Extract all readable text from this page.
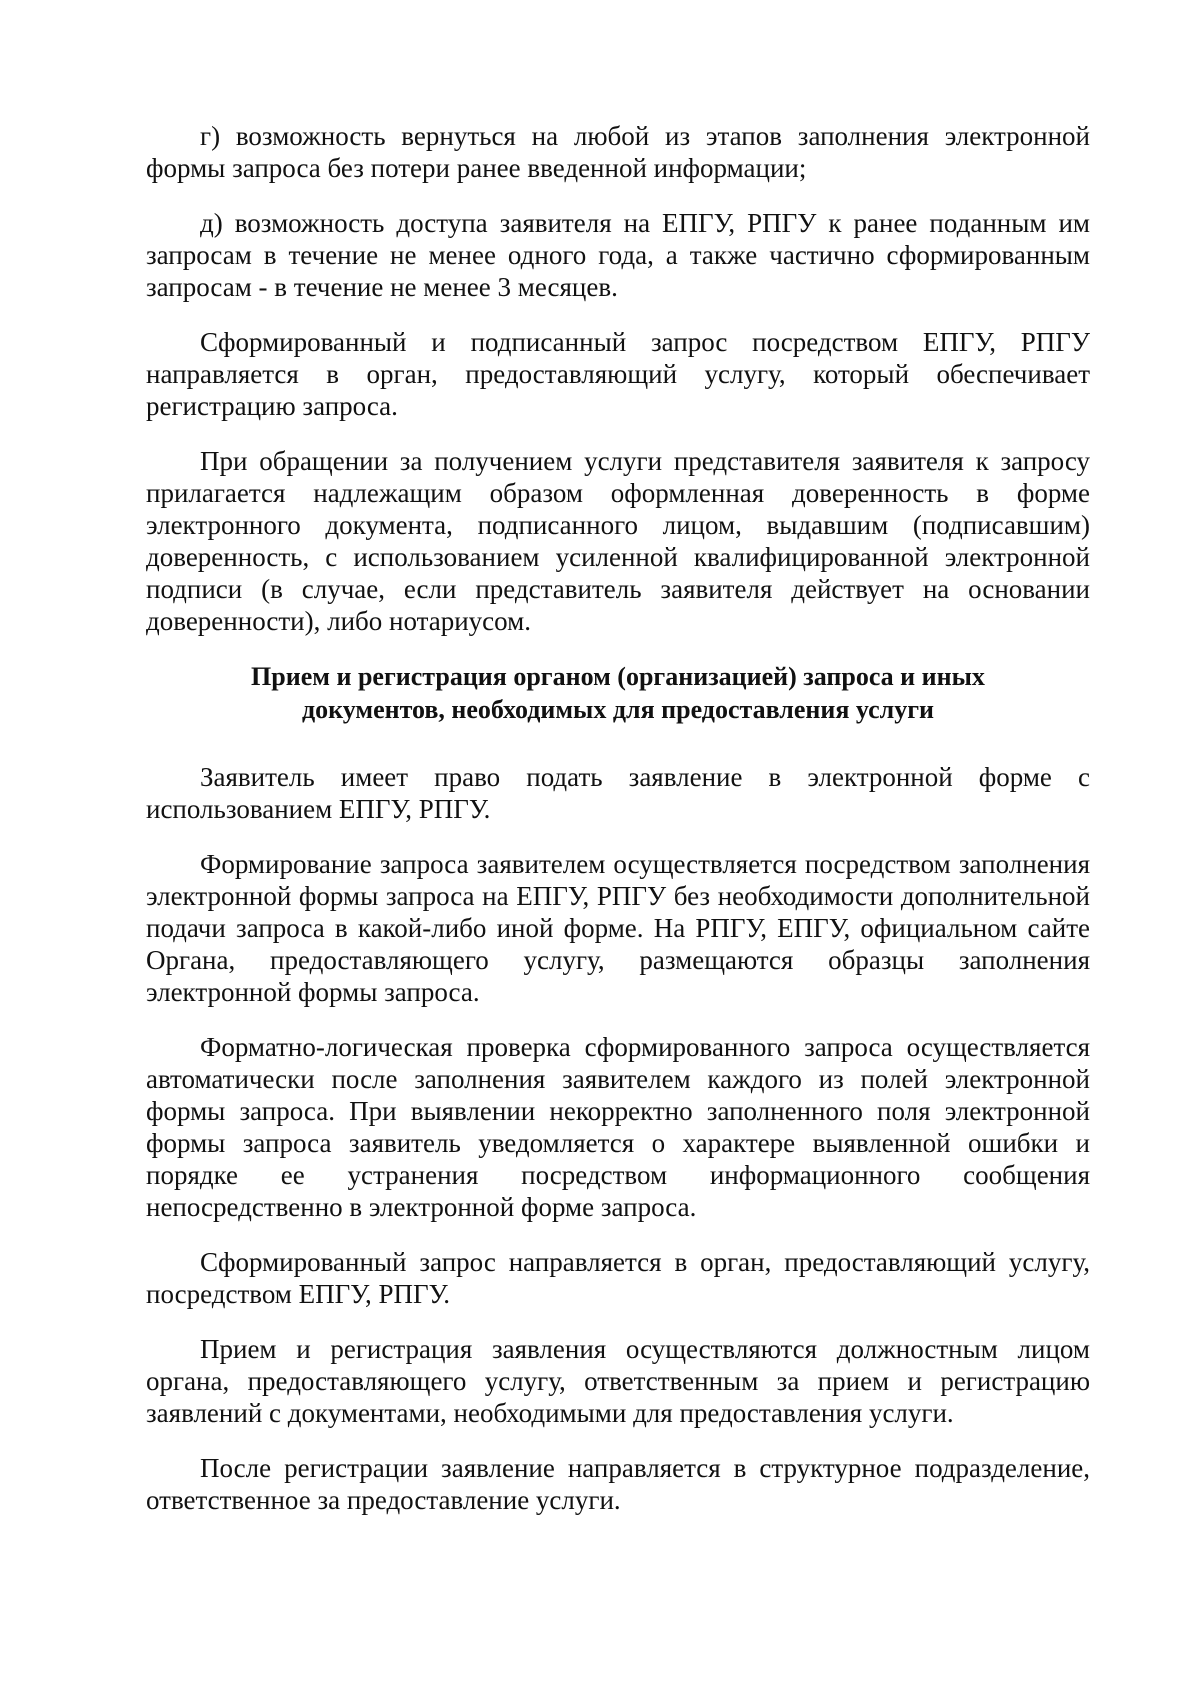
г) возможность вернуться на любой из этапов заполнения электронной формы запроса без потери ранее введенной информации;

д) возможность доступа заявителя на ЕПГУ, РПГУ к ранее поданным им запросам в течение не менее одного года, а также частично сформированным запросам - в течение не менее 3 месяцев.

Сформированный и подписанный запрос посредством ЕПГУ, РПГУ направляется в орган, предоставляющий услугу, который обеспечивает регистрацию запроса.

При обращении за получением услуги представителя заявителя к запросу прилагается надлежащим образом оформленная доверенность в форме электронного документа, подписанного лицом, выдавшим (подписавшим) доверенность, с использованием усиленной квалифицированной электронной подписи (в случае, если представитель заявителя действует на основании доверенности), либо нотариусом.

Прием и регистрация органом (организацией) запроса и иных
документов, необходимых для предоставления услуги

Заявитель имеет право подать заявление в электронной форме с использованием ЕПГУ, РПГУ.

Формирование запроса заявителем осуществляется посредством заполнения электронной формы запроса на ЕПГУ, РПГУ без необходимости дополнительной подачи запроса в какой-либо иной форме. На РПГУ, ЕПГУ, официальном сайте Органа, предоставляющего услугу, размещаются образцы заполнения электронной формы запроса.

Форматно-логическая проверка сформированного запроса осуществляется автоматически после заполнения заявителем каждого из полей электронной формы запроса. При выявлении некорректно заполненного поля электронной формы запроса заявитель уведомляется о характере выявленной ошибки и порядке ее устранения посредством информационного сообщения непосредственно в электронной форме запроса.

Сформированный запрос направляется в орган, предоставляющий услугу, посредством ЕПГУ, РПГУ.

Прием и регистрация заявления осуществляются должностным лицом органа, предоставляющего услугу, ответственным за прием и регистрацию заявлений с документами, необходимыми для предоставления услуги.

После регистрации заявление направляется в структурное подразделение, ответственное за предоставление услуги.
